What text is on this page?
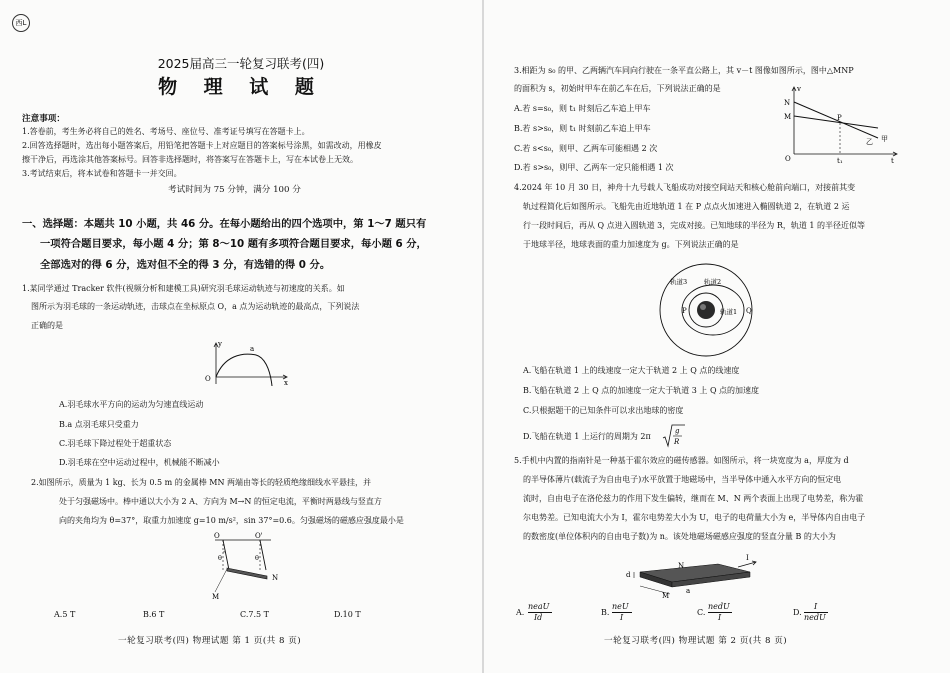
西L
2025届高三一轮复习联考(四)
物 理 试 题
注意事项：
1.答卷前，考生务必将自己的姓名、考场号、座位号、准考证号填写在答题卡上。
2.回答选择题时，选出每小题答案后，用铅笔把答题卡上对应题目的答案标号涂黑，如需改动，用橡皮
擦干净后，再选涂其他答案标号。回答非选择题时，将答案写在答题卡上，写在本试卷上无效。
3.考试结束后，将本试卷和答题卡一并交回。
考试时间为 75 分钟，满分 100 分
一、选择题：本题共 10 小题，共 46 分。在每小题给出的四个选项中，第 1～7 题只有
一项符合题目要求，每小题 4 分；第 8～10 题有多项符合题目要求，每小题 6 分，
全部选对的得 6 分，选对但不全的得 3 分，有选错的得 0 分。
1.某同学通过 Tracker 软件(视频分析和建模工具)研究羽毛球运动轨迹与初速度的关系。如
图所示为羽毛球的一条运动轨迹，击球点在坐标原点 O，a 点为运动轨迹的最高点，下列说法
正确的是
y
O
a
x
A.羽毛球水平方向的运动为匀速直线运动
B.a 点羽毛球只受重力
C.羽毛球下降过程处于超重状态
D.羽毛球在空中运动过程中，机械能不断减小
2.如图所示，质量为 1 kg、长为 0.5 m 的金属棒 MN 两端由等长的轻质绝缘细线水平悬挂，并
处于匀强磁场中。棒中通以大小为 2 A、方向为 M→N 的恒定电流，平衡时两悬线与竖直方
向的夹角均为 θ=37°，取重力加速度 g=10 m/s²，sin 37°=0.6。匀强磁场的磁感应强度最小是
O	O'
θ	θ
N
M
A.5 T	B.6 T	C.7.5 T	D.10 T
一轮复习联考(四) 物理试题 第 1 页(共 8 页)
3.相距为 s₀ 的甲、乙两辆汽车同向行驶在一条平直公路上，其 v－t 图像如图所示，图中△MNP
的面积为 s，初始时甲车在前乙车在后，下列说法正确的是
A.若 s=s₀，则 t₁ 时刻后乙车追上甲车
B.若 s>s₀，则 t₁ 时刻前乙车追上甲车
C.若 s<s₀，则甲、乙两车可能相遇 2 次
D.若 s>s₀，则甲、乙两车一定只能相遇 1 次
v
N
M	P
O	t₁	t
甲
乙
4.2024 年 10 月 30 日，神舟十九号载人飞船成功对接空间站天和核心舱前向端口，对接前其变
轨过程简化后如图所示。飞船先由近地轨道 1 在 P 点点火加速进入椭圆轨道 2，在轨道 2 运
行一段时间后，再从 Q 点进入圆轨道 3，完成对接。已知地球的半径为 R，轨道 1 的半径近似等
于地球半径，地球表面的重力加速度为 g。下列说法正确的是
轨道3	轨道2
轨道1
P	Q
A.飞船在轨道 1 上的线速度一定大于轨道 2 上 Q 点的线速度
B.飞船在轨道 2 上 Q 点的加速度一定大于轨道 3 上 Q 点的加速度
C.只根据题干的已知条件可以求出地球的密度
D.飞船在轨道 1 上运行的周期为 2π
g
R
5.手机中内置的指南针是一种基于霍尔效应的磁传感器。如图所示，将一块宽度为 a，厚度为 d
的半导体薄片(载流子为自由电子)水平放置于地磁场中，当半导体中通入水平方向的恒定电
流时，自由电子在洛伦兹力的作用下发生偏转，继而在 M、N 两个表面上出现了电势差，称为霍
尔电势差。已知电流大小为 I，霍尔电势差大小为 U，电子的电荷量大小为 e，半导体内自由电子
的数密度(单位体积内的自由电子数)为 n。该处地磁场磁感应强度的竖直分量 B 的大小为
d
N
M
a
I
A.
neaU
Id
B.
neU
I
C.
nedU
I
D.
I
nedU
一轮复习联考(四) 物理试题 第 2 页(共 8 页)
